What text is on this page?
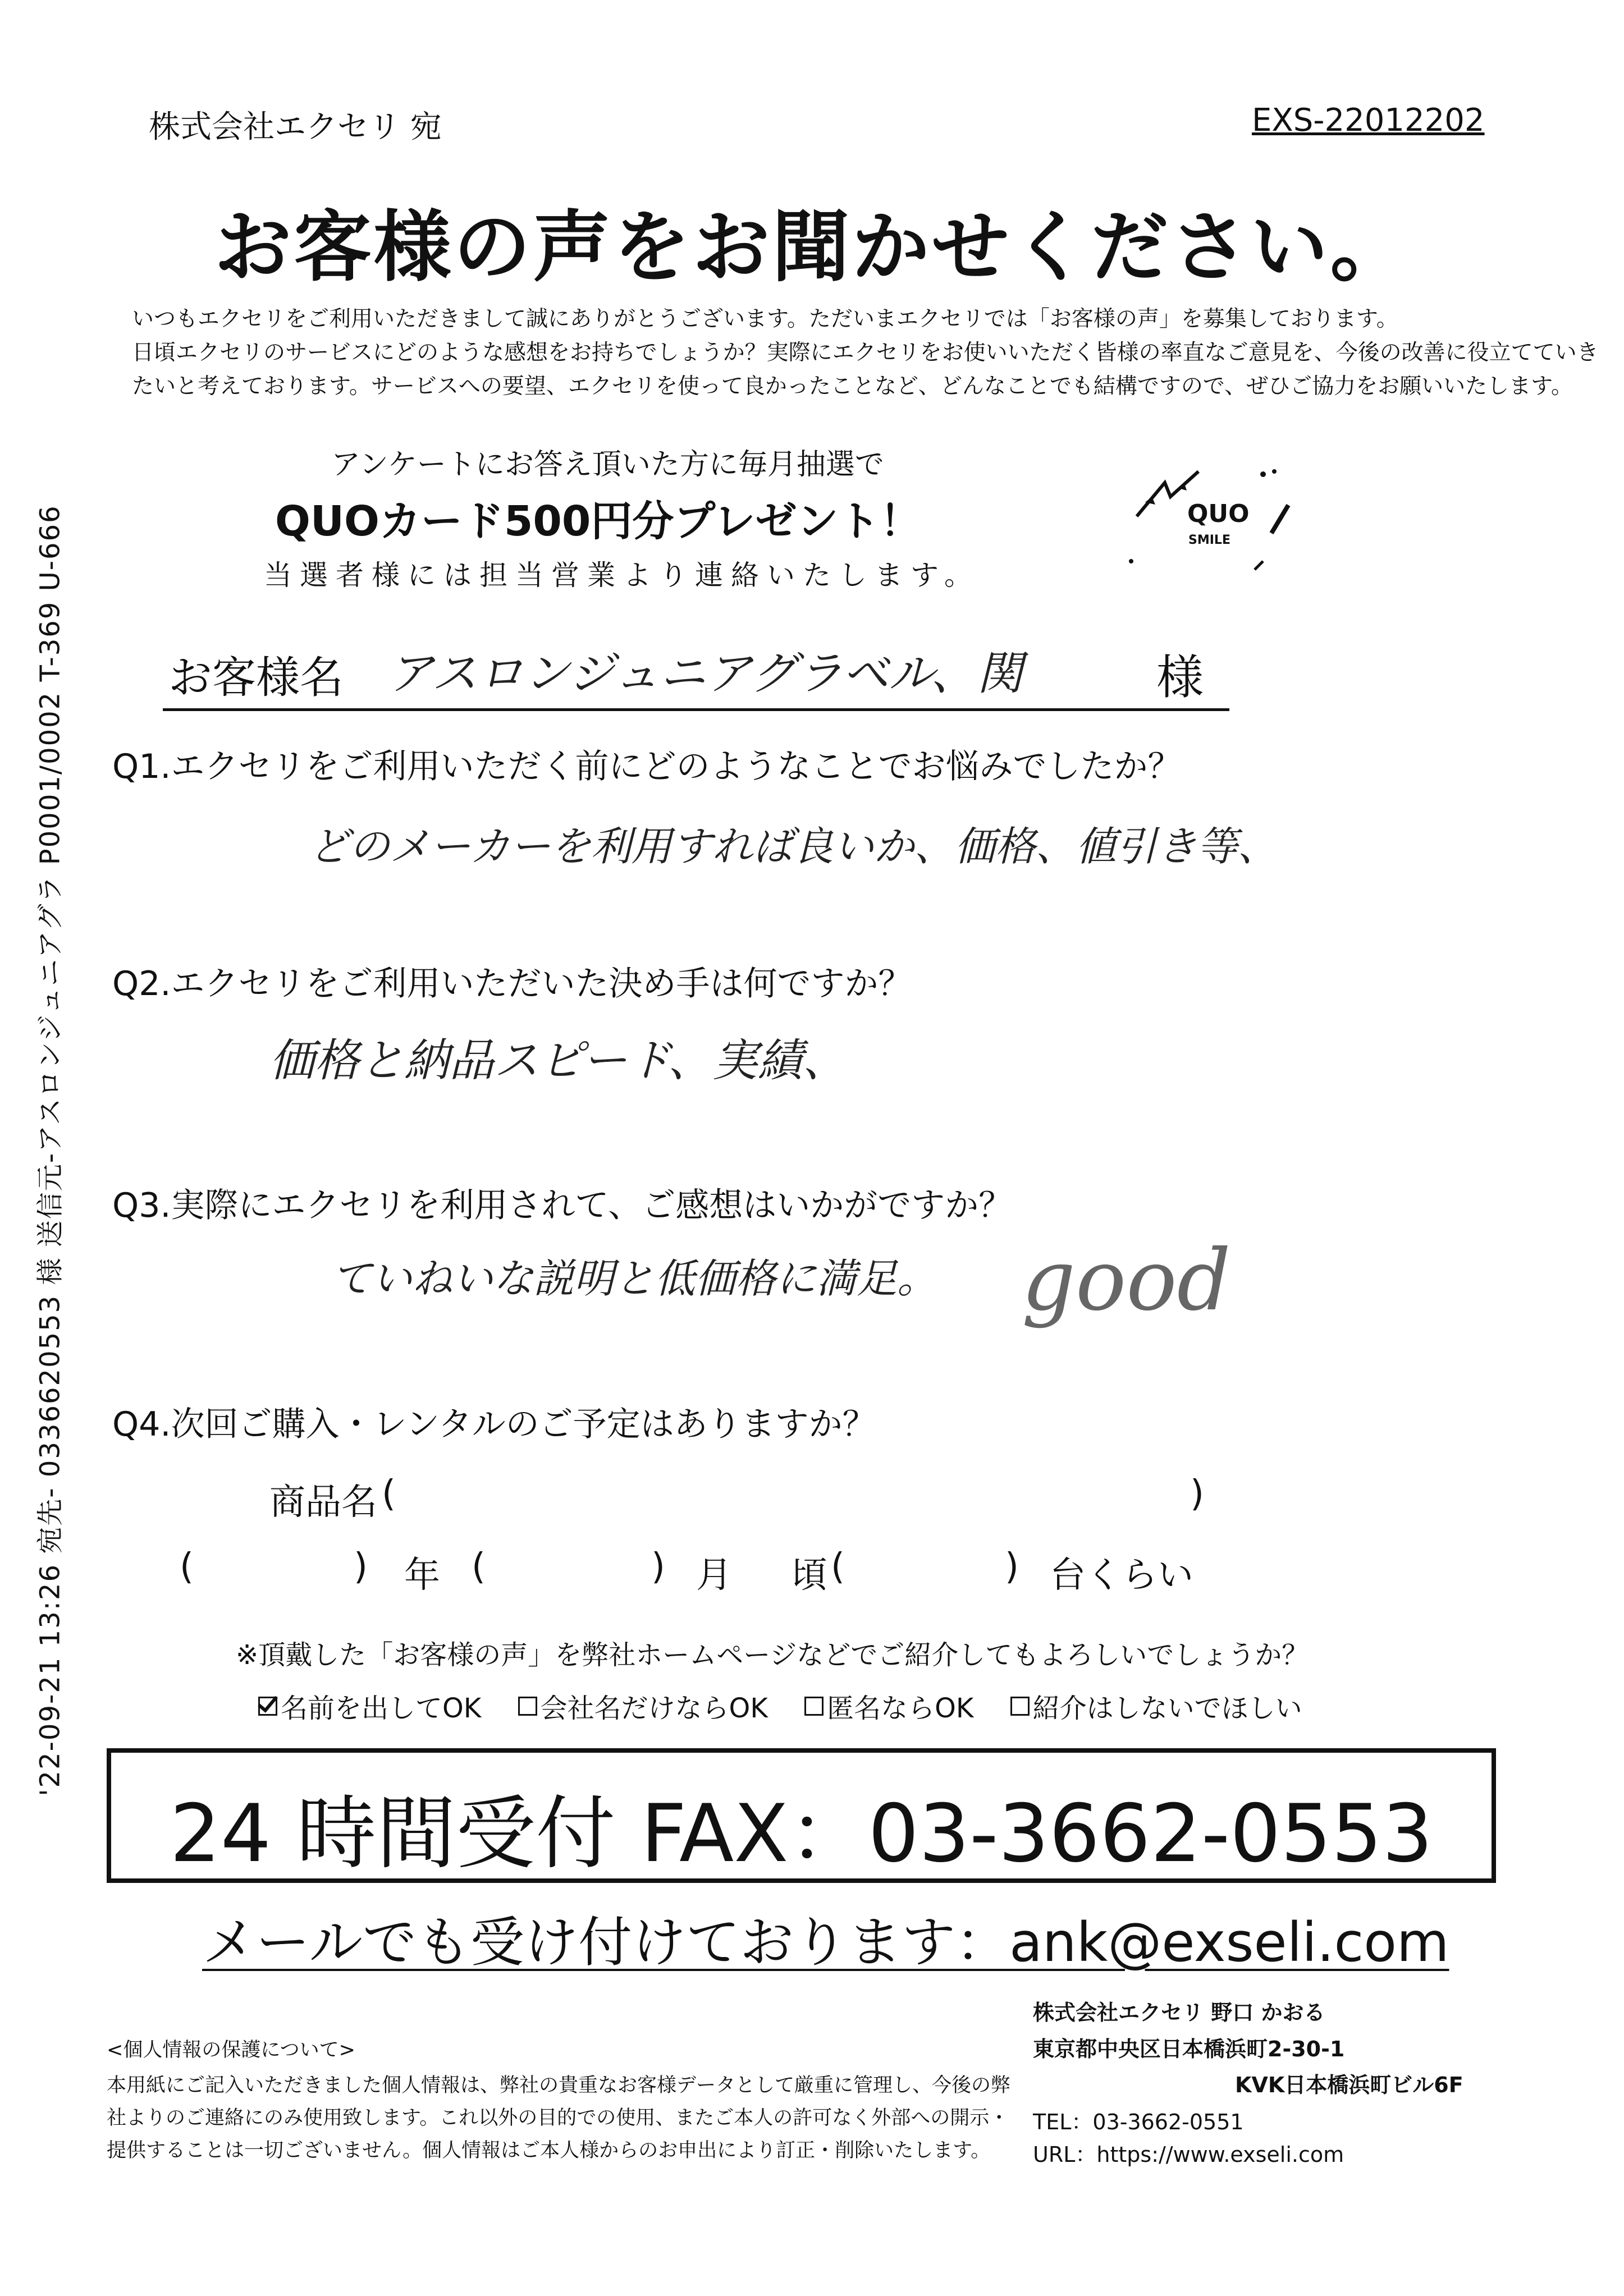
'22-09-21 13:26 宛先- 0336620553 様 送信元-アスロンジュニアグラ P0001/0002 T-369 U-666
株式会社エクセリ 宛	EXS-22012202
お客様の声をお聞かせください。
いつもエクセリをご利用いただきまして誠にありがとうございます。ただいまエクセリでは「お客様の声」を募集しております。
日頃エクセリのサービスにどのような感想をお持ちでしょうか？実際にエクセリをお使いいただく皆様の率直なご意見を、今後の改善に役立てていき
たいと考えております。サービスへの要望、エクセリを使って良かったことなど、どんなことでも結構ですので、ぜひご協力をお願いいたします。
アンケートにお答え頂いた方に毎月抽選で
QUOカード500円分プレゼント！
当選者様には担当営業より連絡いたします。
QUO
SMILE
お客様名 アスロンジュニアグラベル、関	様
Q1.エクセリをご利用いただく前にどのようなことでお悩みでしたか？
どのメーカーを利用すれば良いか、価格、値引き等、
Q2.エクセリをご利用いただいた決め手は何ですか？
価格と納品スピード、実績、
Q3.実際にエクセリを利用されて、ご感想はいかがですか？
ていねいな説明と低価格に満足。 good
Q4.次回ご購入・レンタルのご予定はありますか？
商品名 (	)
(	) 年 (	) 月 頃 (	) 台くらい
※頂戴した「お客様の声」を弊社ホームページなどでご紹介してもよろしいでしょうか？
名前を出してOK
会社名だけならOK
匿名ならOK
紹介はしないでほしい
24 時間受付 FAX：03-3662-0553
メールでも受け付けております：ank@exseli.com
<個人情報の保護について>
本用紙にご記入いただきました個人情報は、弊社の貴重なお客様データとして厳重に管理し、今後の弊
社よりのご連絡にのみ使用致します。これ以外の目的での使用、またご本人の許可なく外部への開示・
提供することは一切ございません。個人情報はご本人様からのお申出により訂正・削除いたします。
株式会社エクセリ 野口 かおる
東京都中央区日本橋浜町2-30-1
KVK日本橋浜町ビル6F
TEL：03-3662-0551
URL：https://www.exseli.com
